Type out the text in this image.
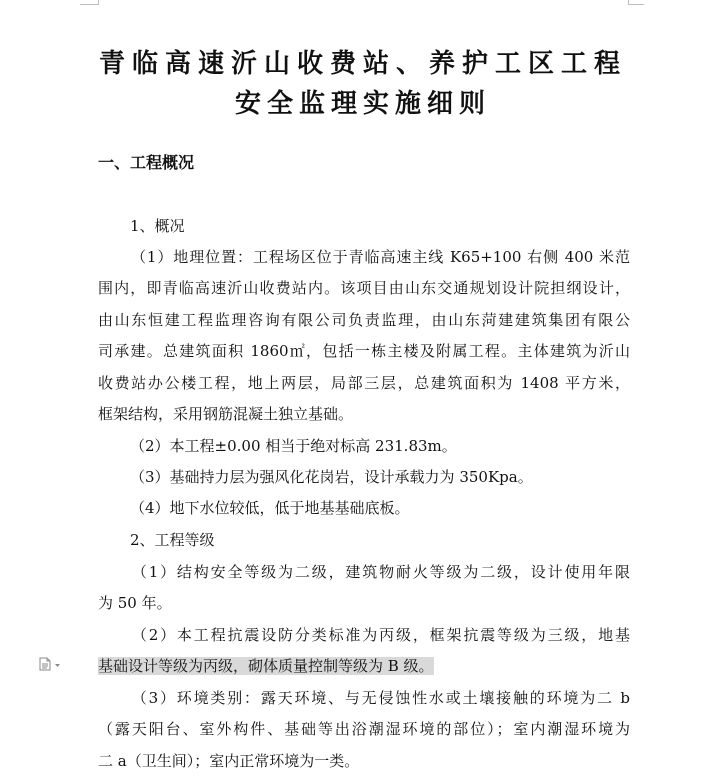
青临高速沂山收费站、养护工区工程
安全监理实施细则
一、工程概况
1、概况
（1）地理位置：工程场区位于青临高速主线 K65+100 右侧 400 米范
围内，即青临高速沂山收费站内。该项目由山东交通规划设计院担纲设计，
由山东恒建工程监理咨询有限公司负责监理，由山东菏建建筑集团有限公
司承建。总建筑面积 1860㎡，包括一栋主楼及附属工程。主体建筑为沂山
收费站办公楼工程，地上两层，局部三层，总建筑面积为 1408 平方米，
框架结构，采用钢筋混凝土独立基础。
（2）本工程±0.00 相当于绝对标高 231.83m。
（3）基础持力层为强风化花岗岩，设计承载力为 350Kpa。
（4）地下水位较低，低于地基基础底板。
2、工程等级
（1）结构安全等级为二级，建筑物耐火等级为二级，设计使用年限
为 50 年。
（2）本工程抗震设防分类标准为丙级，框架抗震等级为三级，地基
基础设计等级为丙级，砌体质量控制等级为 B 级。
（3）环境类别：露天环境、与无侵蚀性水或土壤接触的环境为二 b
（露天阳台、室外构件、基础等出浴潮湿环境的部位）；室内潮湿环境为
二 a（卫生间）；室内正常环境为一类。
